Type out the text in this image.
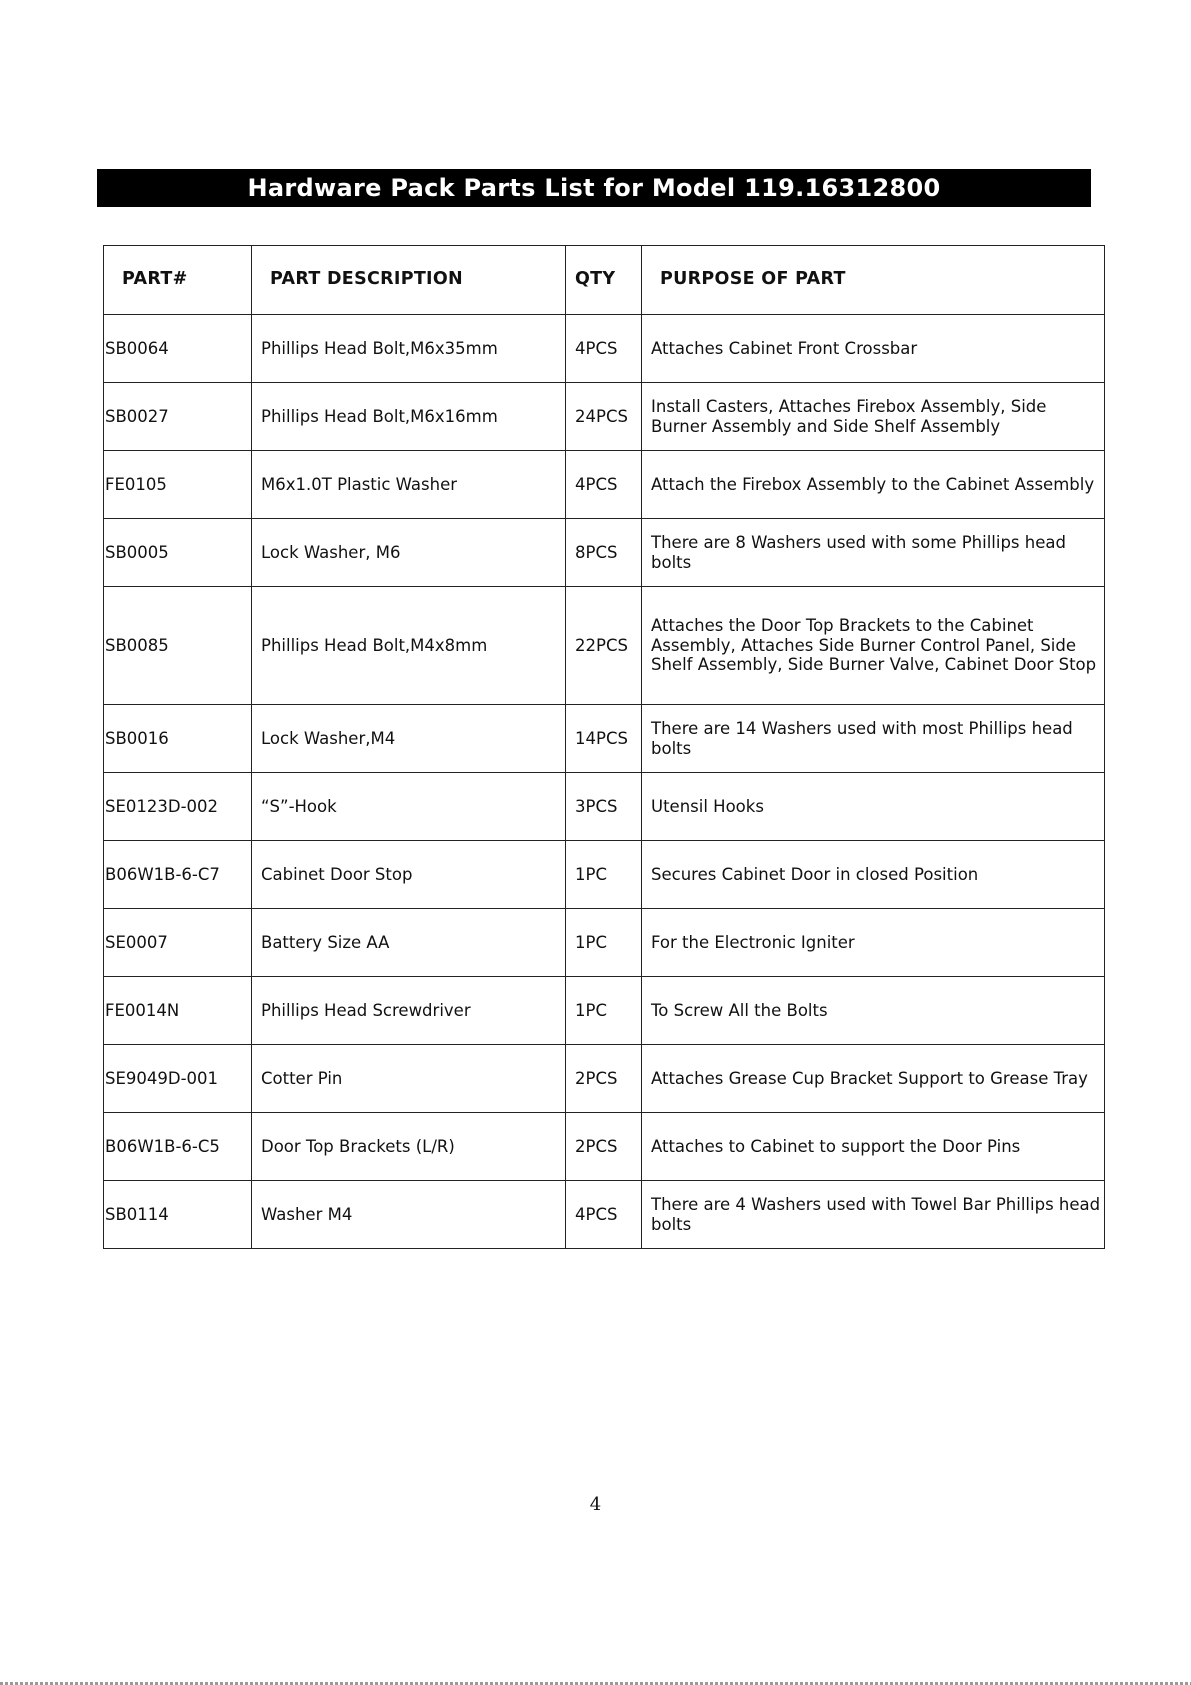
Hardware Pack Parts List for Model 119.16312800
PART#	PART DESCRIPTION	QTY	PURPOSE OF PART
SB0064	Phillips Head Bolt,M6x35mm	4PCS	Attaches Cabinet Front Crossbar
SB0027	Phillips Head Bolt,M6x16mm	24PCS	Install Casters, Attaches Firebox Assembly, Side Burner Assembly and Side Shelf Assembly
FE0105	M6x1.0T Plastic Washer	4PCS	Attach the Firebox Assembly to the Cabinet Assembly
SB0005	Lock Washer, M6	8PCS	There are 8 Washers used with some Phillips head bolts
SB0085	Phillips Head Bolt,M4x8mm	22PCS	Attaches the Door Top Brackets to the Cabinet Assembly, Attaches Side Burner Control Panel, Side Shelf Assembly, Side Burner Valve, Cabinet Door Stop
SB0016	Lock Washer,M4	14PCS	There are 14 Washers used with most Phillips head bolts
SE0123D-002	“S”-Hook	3PCS	Utensil Hooks
B06W1B-6-C7	Cabinet Door Stop	1PC	Secures Cabinet Door in closed Position
SE0007	Battery Size AA	1PC	For the Electronic Igniter
FE0014N	Phillips Head Screwdriver	1PC	To Screw All the Bolts
SE9049D-001	Cotter Pin	2PCS	Attaches Grease Cup Bracket Support to Grease Tray
B06W1B-6-C5	Door Top Brackets (L/R)	2PCS	Attaches to Cabinet to support the Door Pins
SB0114	Washer M4	4PCS	There are 4 Washers used with Towel Bar Phillips head bolts
4
